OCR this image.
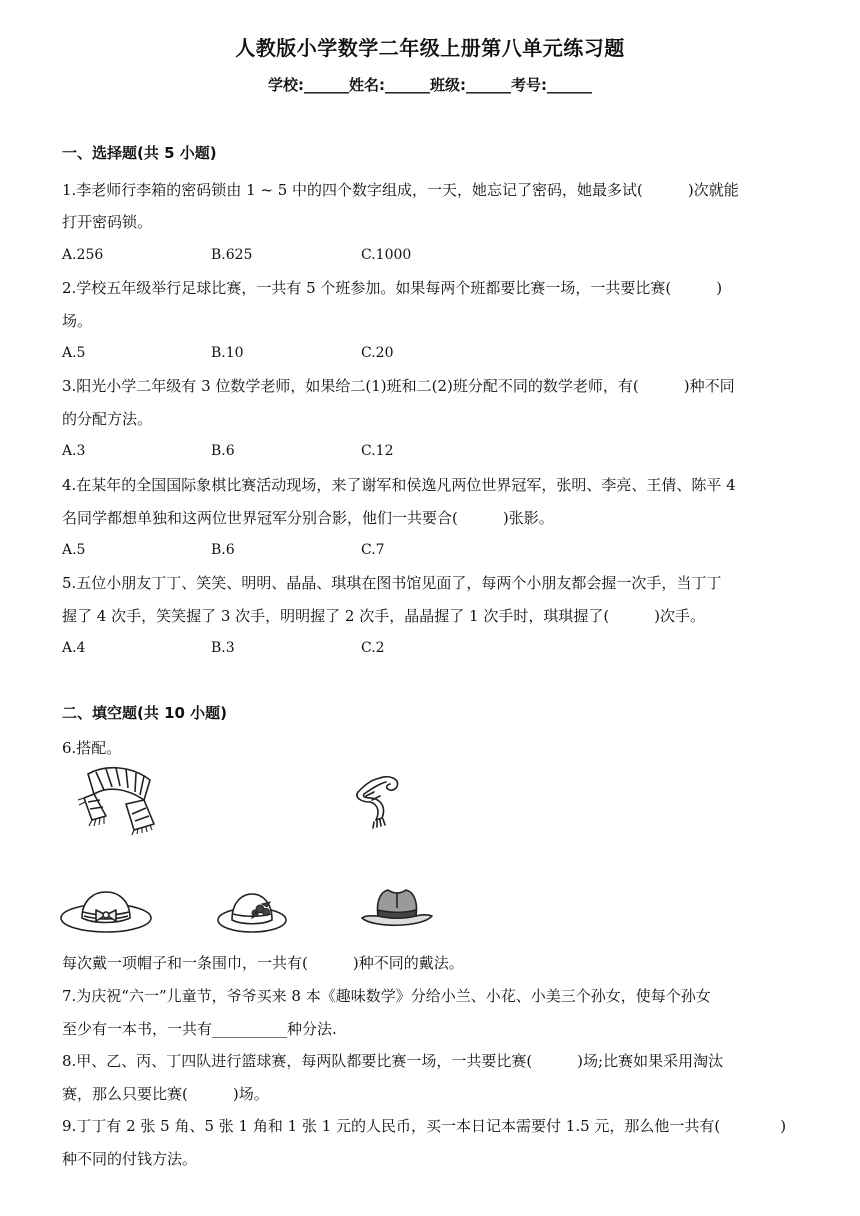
人教版小学数学二年级上册第八单元练习题
学校:______姓名:______班级:______考号:______
一、选择题(共 5 小题)
1.李老师行李箱的密码锁由 1 ~ 5 中的四个数字组成，一天，她忘记了密码，她最多试(　　　)次就能
打开密码锁。
A.256	B.625	C.1000
2.学校五年级举行足球比赛，一共有 5 个班参加。如果每两个班都要比赛一场，一共要比赛(　　　)
场。
A.5	B.10	C.20
3.阳光小学二年级有 3 位数学老师，如果给二(1)班和二(2)班分配不同的数学老师，有(　　　)种不同
的分配方法。
A.3	B.6	C.12
4.在某年的全国国际象棋比赛活动现场，来了谢军和侯逸凡两位世界冠军，张明、李亮、王倩、陈平 4
名同学都想单独和这两位世界冠军分别合影，他们一共要合(　　　)张影。
A.5	B.6	C.7
5.五位小朋友丁丁、笑笑、明明、晶晶、琪琪在图书馆见面了，每两个小朋友都会握一次手，当丁丁
握了 4 次手，笑笑握了 3 次手，明明握了 2 次手，晶晶握了 1 次手时，琪琪握了(　　　)次手。
A.4	B.3	C.2
二、填空题(共 10 小题)
6.搭配。
每次戴一项帽子和一条围巾，一共有(　　　)种不同的戴法。
7.为庆祝“六一”儿童节，爷爷买来 8 本《趣味数学》分给小兰、小花、小美三个孙女，使每个孙女
至少有一本书，一共有__________种分法.
8.甲、乙、丙、丁四队进行篮球赛，每两队都要比赛一场，一共要比赛(　　　)场;比赛如果采用淘汰
赛，那么只要比赛(　　　)场。
9.丁丁有 2 张 5 角、5 张 1 角和 1 张 1 元的人民币，买一本日记本需要付 1.5 元，那么他一共有(　　　　)
种不同的付钱方法。
